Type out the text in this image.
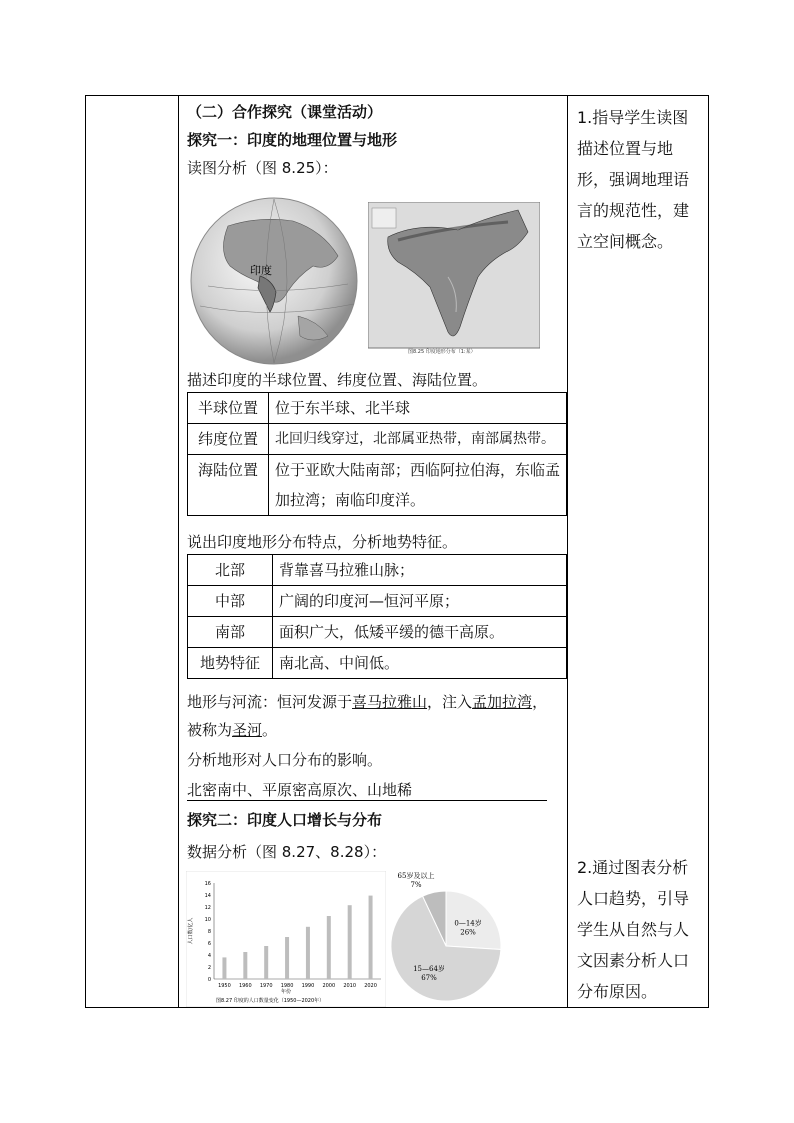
（二）合作探究（课堂活动）
探究一：印度的地理位置与地形
读图分析（图 8.25）：
印度
图8.25 印度地形分布（1:某）
描述印度的半球位置、纬度位置、海陆位置。
半球位置	位于东半球、北半球
纬度位置	北回归线穿过，北部属亚热带，南部属热带。
海陆位置	位于亚欧大陆南部；西临阿拉伯海，东临孟加拉湾；南临印度洋。
说出印度地形分布特点，分析地势特征。
北部	背靠喜马拉雅山脉；
中部	广阔的印度河—恒河平原；
南部	面积广大，低矮平缓的德干高原。
地势特征	南北高、中间低。
地形与河流：恒河发源于喜马拉雅山，注入孟加拉湾，
被称为圣河。
分析地形对人口分布的影响。
北密南中、平原密高原次、山地稀
探究二：印度人口增长与分布
数据分析（图 8.27、8.28）：
0
2
4
6
8
10
12
14
16
1950 1960 1970 1980 1990 2000 2010 2020
年份
人口数/亿人
图8.27 印度的人口数量变化（1950—2020年）
65岁及以上
7%
0—14岁
26%
15—64岁
67%
1.指导学生读图描述位置与地形，强调地理语言的规范性，建立空间概念。
2.通过图表分析人口趋势，引导学生从自然与人文因素分析人口分布原因。
